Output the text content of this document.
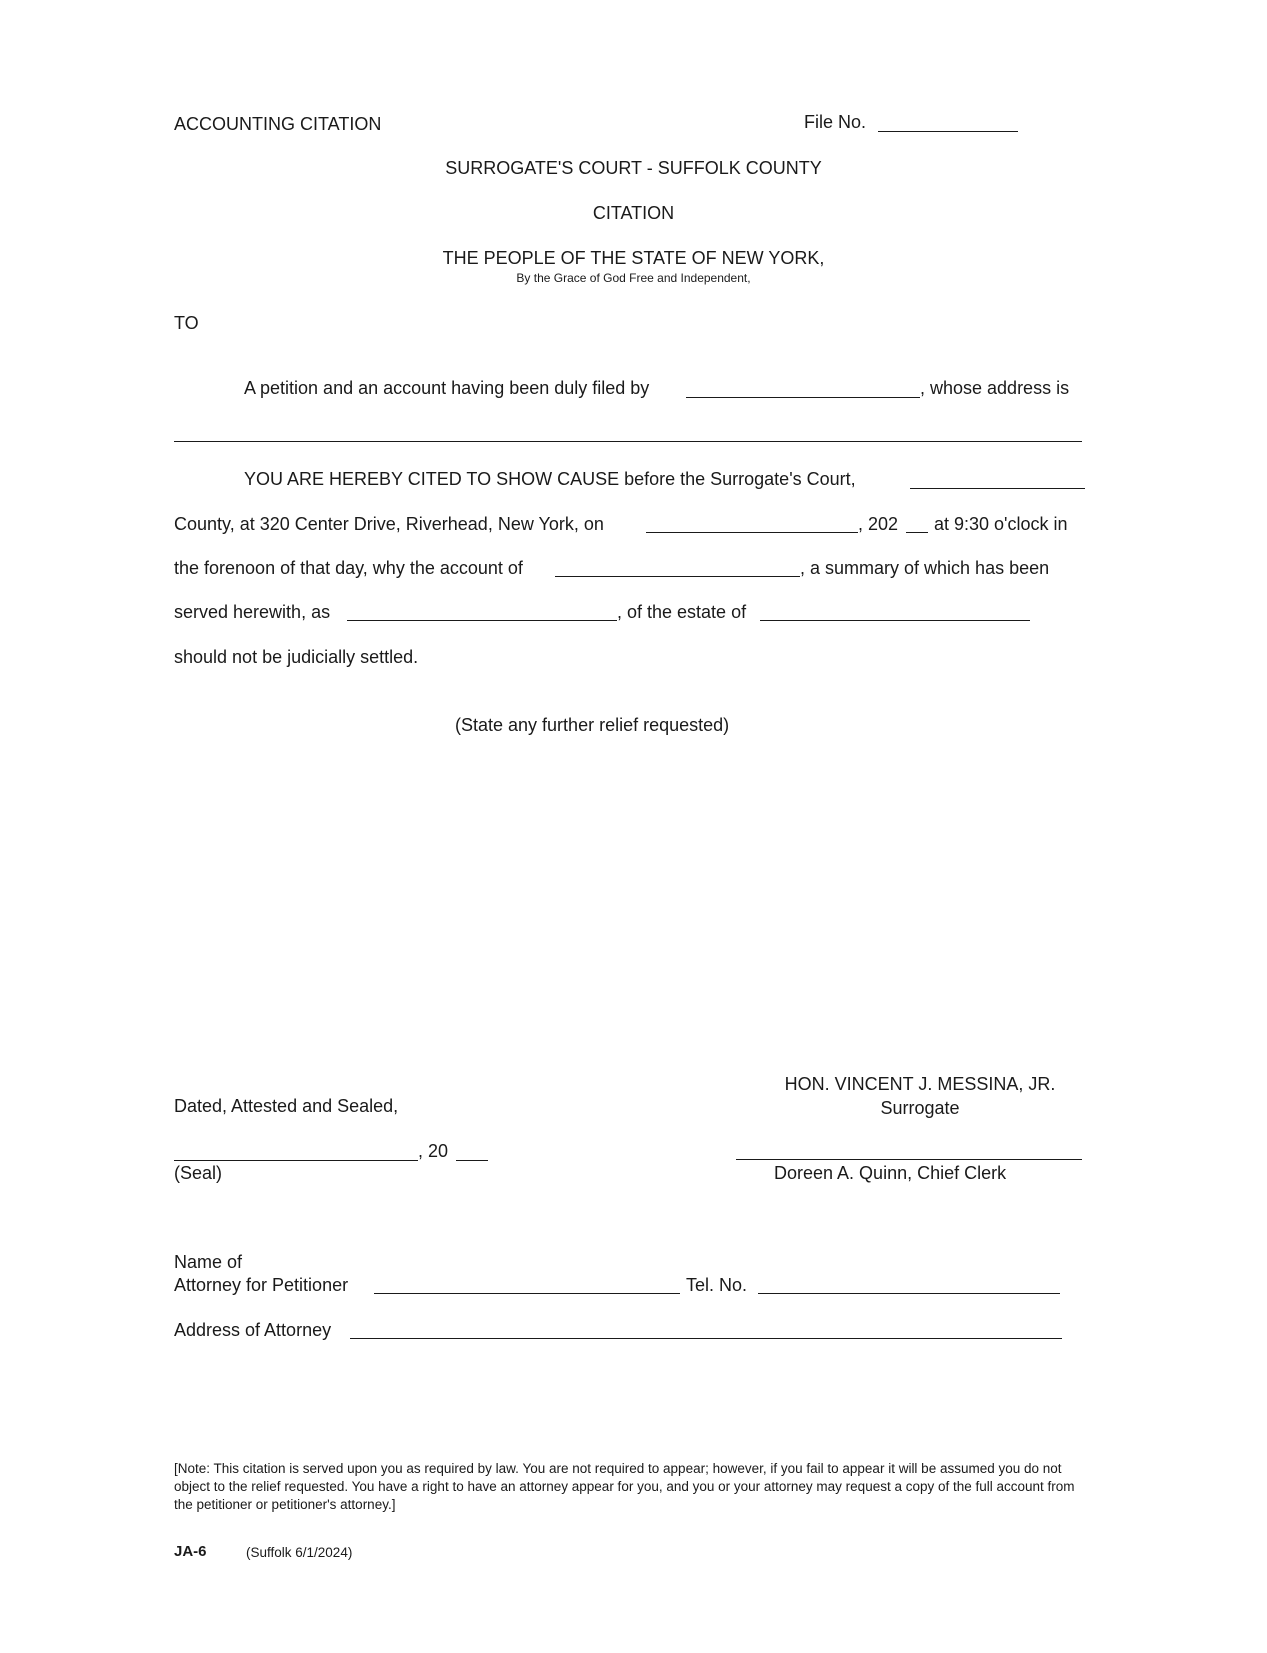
ACCOUNTING CITATION	File No.
SURROGATE'S COURT - SUFFOLK COUNTY
CITATION
THE PEOPLE OF THE STATE OF NEW YORK,
By the Grace of God Free and Independent,
TO
A petition and an account having been duly filed by	, whose address is
YOU ARE HEREBY CITED TO SHOW CAUSE before the Surrogate's Court,
County, at 320 Center Drive, Riverhead, New York, on	, 202 at 9:30 o'clock in
the forenoon of that day, why the account of	, a summary of which has been
served herewith, as	, of the estate of
should not be judicially settled.
(State any further relief requested)
HON. VINCENT J. MESSINA, JR.
Surrogate
Dated, Attested and Sealed,
, 20
(Seal)	Doreen A. Quinn, Chief Clerk
Name of
Attorney for Petitioner	Tel. No.
Address of Attorney
[Note: This citation is served upon you as required by law. You are not required to appear; however, if you fail to appear it will be assumed you do not object to the relief requested. You have a right to have an attorney appear for you, and you or your attorney may request a copy of the full account from the petitioner or petitioner's attorney.]
JA-6	(Suffolk 6/1/2024)
